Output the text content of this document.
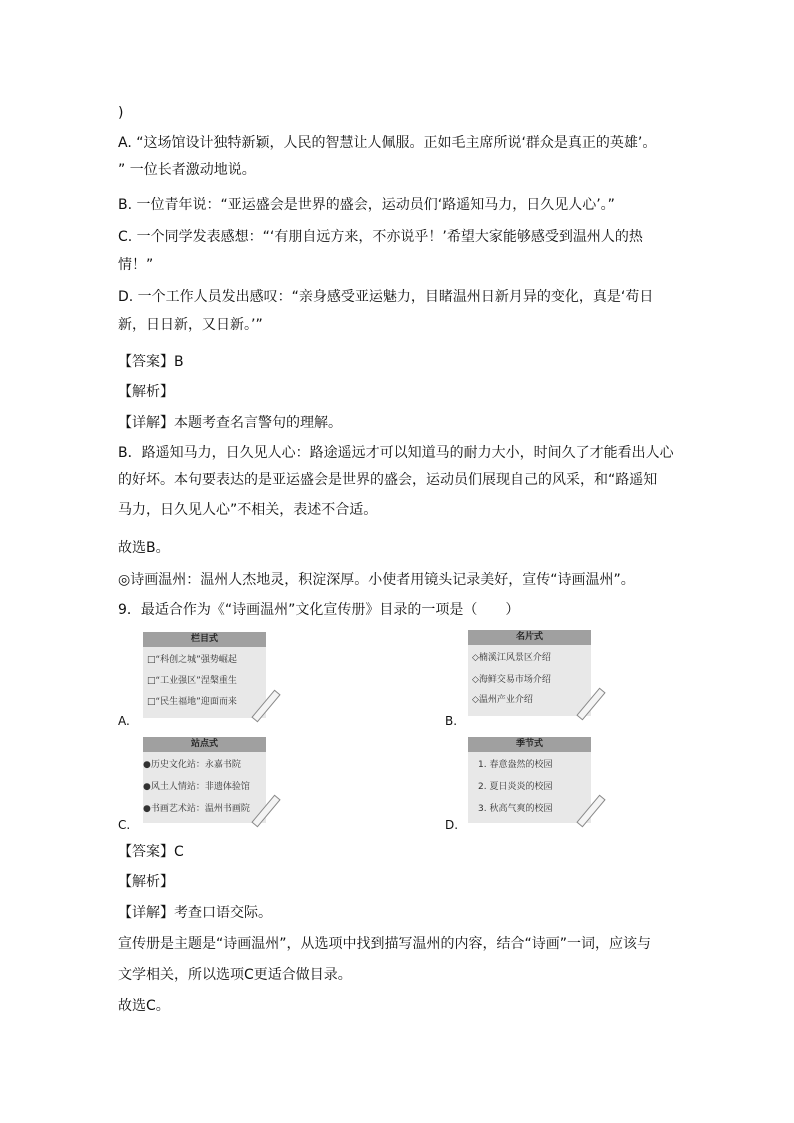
)
A. “这场馆设计独特新颖，人民的智慧让人佩服。正如毛主席所说‘群众是真正的英雄’。
” 一位长者激动地说。
B. 一位青年说：“亚运盛会是世界的盛会，运动员们‘路遥知马力，日久见人心’。”
C. 一个同学发表感想：“‘有朋自远方来，不亦说乎！’希望大家能够感受到温州人的热
情！”
D. 一个工作人员发出感叹：“亲身感受亚运魅力，目睹温州日新月异的变化，真是‘苟日
新，日日新，又日新。’”
【答案】B
【解析】
【详解】本题考查名言警句的理解。
B．路遥知马力，日久见人心：路途遥远才可以知道马的耐力大小，时间久了才能看出人心
的好坏。本句要表达的是亚运盛会是世界的盛会，运动员们展现自己的风采，和“路遥知
马力，日久见人心”不相关，表述不合适。
故选B。
◎诗画温州：温州人杰地灵，积淀深厚。小使者用镜头记录美好，宣传“诗画温州”。
9．最适合作为《“诗画温州”文化宣传册》目录的一项是（　　）
栏目式
□“科创之城”强势崛起
□“工业强区”涅槃重生
□“民生福地”迎面而来
A.
名片式
◇楠溪江风景区介绍
◇海鲜交易市场介绍
◇温州产业介绍
B.
站点式
●历史文化站：永嘉书院
●风土人情站：非遗体验馆
●书画艺术站：温州书画院
C.
季节式
1. 春意盎然的校园
2. 夏日炎炎的校园
3. 秋高气爽的校园
D.
【答案】C
【解析】
【详解】考查口语交际。
宣传册是主题是“诗画温州”，从选项中找到描写温州的内容，结合“诗画”一词，应该与
文学相关，所以选项C更适合做目录。
故选C。
